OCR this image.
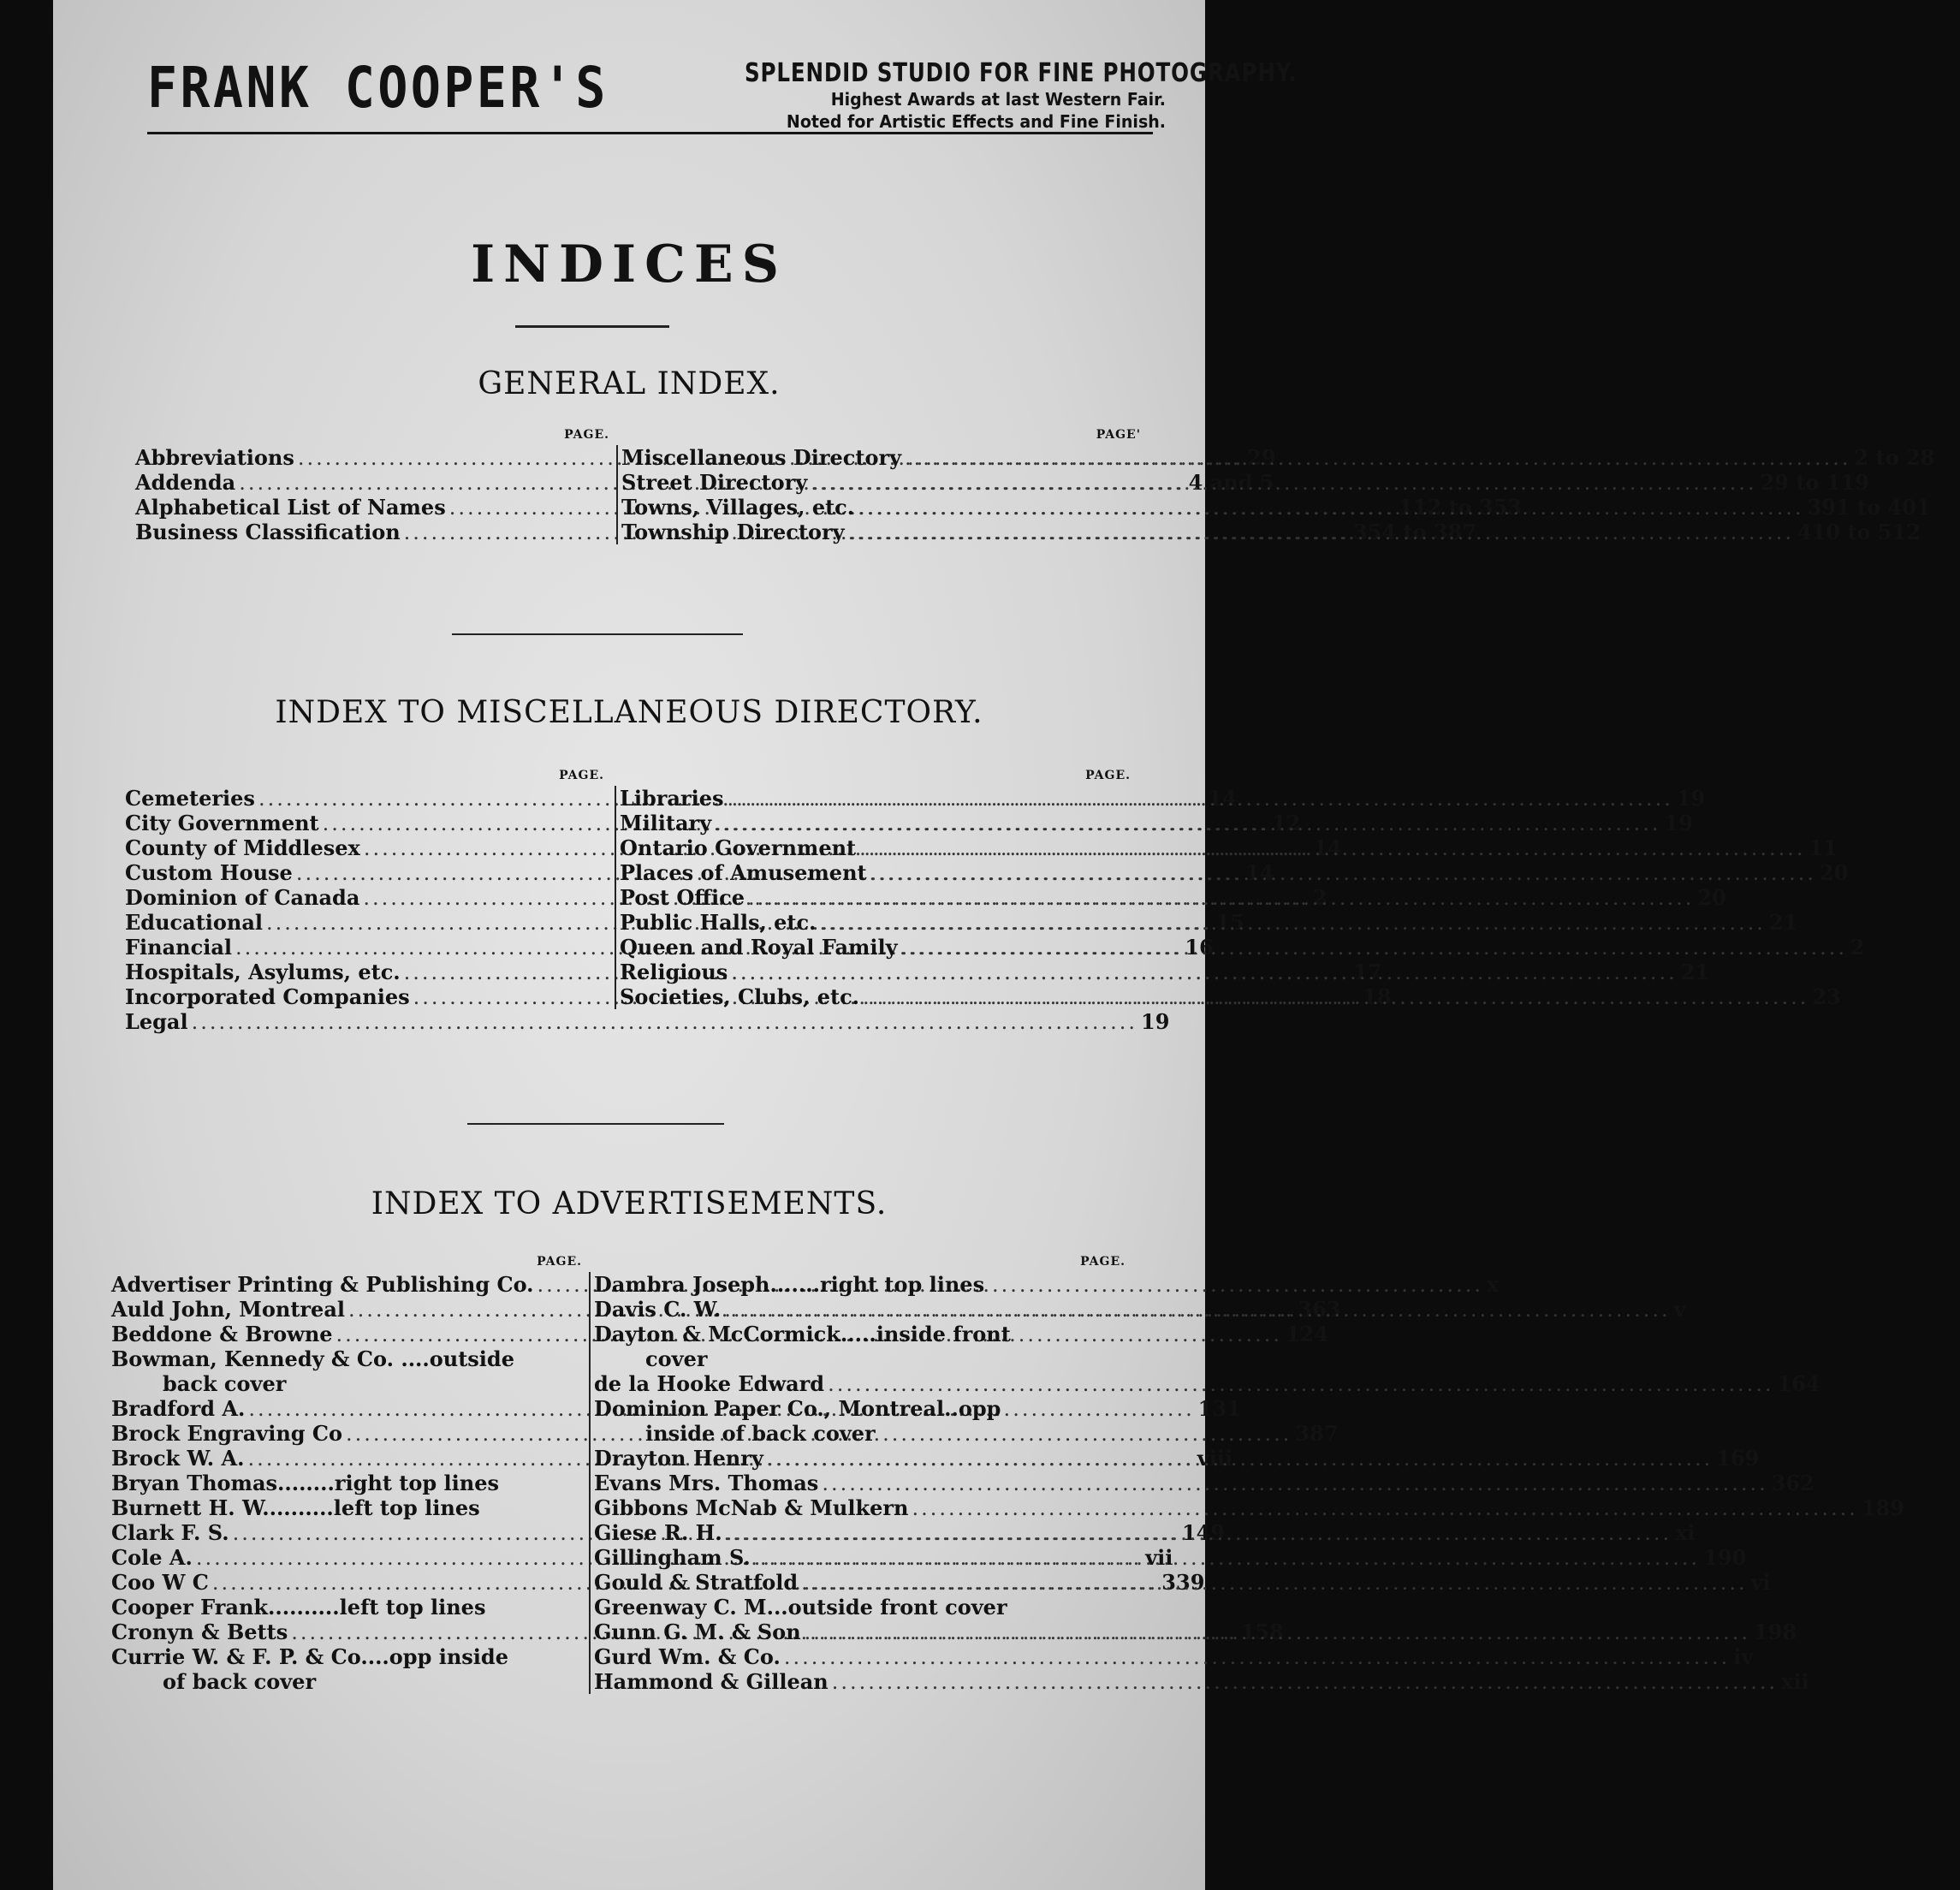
FRANK COOPER'S	SPLENDID STUDIO FOR FINE PHOTOGRAPHY.
Highest Awards at last Western Fair.
Noted for Artistic Effects and Fine Finish.
INDICES
GENERAL INDEX.
PAGE.
Abbreviations .....	29
Addenda .....	4 and 5
Alphabetical List of Names .....	112 to 353
Business Classification .....	354 to 387
PAGE'
Miscellaneous Directory .....	2 to 28
Street Directory .....	29 to 119
Towns, Villages, etc. .....	391 to 401
Township Directory .....	410 to 512
INDEX TO MISCELLANEOUS DIRECTORY.
PAGE.
Cemeteries .....	14
City Government .....	12
County of Middlesex .....	14
Custom House .....	14
Dominion of Canada .....	2
Educational .....	15
Financial .....	16
Hospitals, Asylums, etc. .....	17
Incorporated Companies .....	18
Legal .....	19
PAGE.
Libraries .....	19
Military .....	19
Ontario Government .....	11
Places of Amusement .....	20
Post Office .....	20
Public Halls, etc. .....	21
Queen and Royal Family .....	2
Religious .....	21
Societies, Clubs, etc. .....	23
INDEX TO ADVERTISEMENTS.
PAGE.
Advertiser Printing & Publishing Co. .....	x
Auld John, Montreal .....	363
Beddone & Browne .....	124
Bowman, Kennedy & Co. ....outside
back cover
Bradford A. .....	131
Brock Engraving Co .....	387
Brock W. A. .....	viii
Bryan Thomas........right top lines
Burnett H. W..........left top lines
Clark F. S. .....	149
Cole A. .....	vii
Coo W C .....	339
Cooper Frank..........left top lines
Cronyn & Betts .....	158
Currie W. & F. P. & Co....opp inside
of back cover
PAGE.
Dambra Joseph.......right top lines
Davis C. W. .....	v
Dayton & McCormick.....inside front
cover
de la Hooke Edward .....	164
Dominion Paper Co., Montreal..opp
inside of back cover
Drayton Henry .....	169
Evans Mrs. Thomas .....	362
Gibbons McNab & Mulkern .....	189
Giese R. H. .....	xi
Gillingham S. .....	190
Gould & Stratfold .....	vi
Greenway C. M...outside front cover
Gunn G. M. & Son .....	198
Gurd Wm. & Co. .....	iv
Hammond & Gillean .....	xii
